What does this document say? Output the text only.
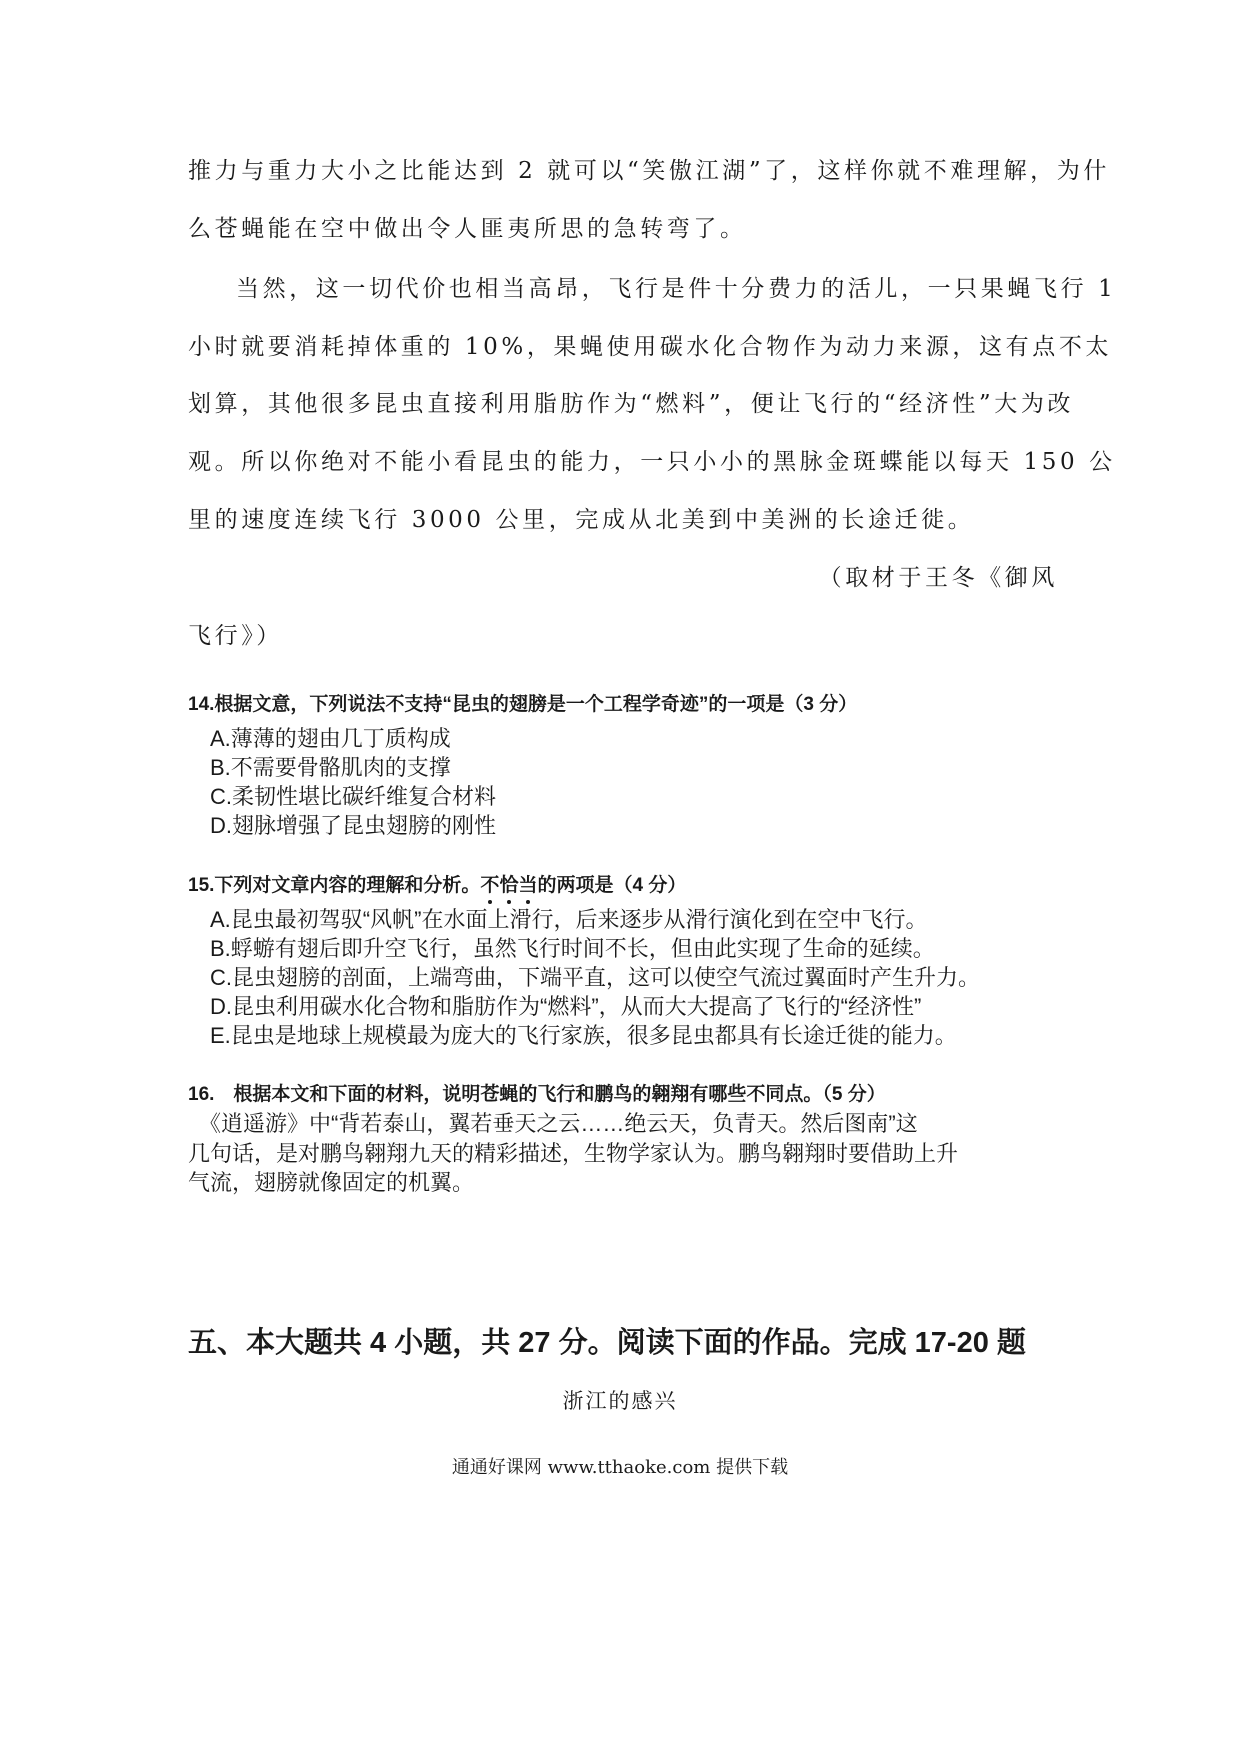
推力与重力大小之比能达到 2 就可以“笑傲江湖”了，这样你就不难理解，为什
么苍蝇能在空中做出令人匪夷所思的急转弯了。
当然，这一切代价也相当高昂，飞行是件十分费力的活儿，一只果蝇飞行 1
小时就要消耗掉体重的 10%，果蝇使用碳水化合物作为动力来源，这有点不太
划算，其他很多昆虫直接利用脂肪作为“燃料”，便让飞行的“经济性”大为改
观。所以你绝对不能小看昆虫的能力，一只小小的黑脉金斑蝶能以每天 150 公
里的速度连续飞行 3000 公里，完成从北美到中美洲的长途迁徙。
（取材于王冬《御风
飞行》）
14.根据文意，下列说法不支持“昆虫的翅膀是一个工程学奇迹”的一项是（3 分）
A.薄薄的翅由几丁质构成
B.不需要骨骼肌肉的支撑
C.柔韧性堪比碳纤维复合材料
D.翅脉增强了昆虫翅膀的刚性
15.下列对文章内容的理解和分析。不恰当的两项是（4 分）
A.昆虫最初驾驭“风帆”在水面上滑行，后来逐步从滑行演化到在空中飞行。
B.蜉蝣有翅后即升空飞行，虽然飞行时间不长，但由此实现了生命的延续。
C.昆虫翅膀的剖面，上端弯曲，下端平直，这可以使空气流过翼面时产生升力。
D.昆虫利用碳水化合物和脂肪作为“燃料”，从而大大提高了飞行的“经济性”
E.昆虫是地球上规模最为庞大的飞行家族，很多昆虫都具有长途迁徙的能力。
16.　根据本文和下面的材料，说明苍蝇的飞行和鹏鸟的翱翔有哪些不同点。（5 分）
　《逍遥游》中“背若泰山，翼若垂天之云……绝云天，负青天。然后图南”这
几句话，是对鹏鸟翱翔九天的精彩描述，生物学家认为。鹏鸟翱翔时要借助上升
气流，翅膀就像固定的机翼。
五、本大题共 4 小题，共 27 分。阅读下面的作品。完成 17-20 题
浙江的感兴
通通好课网 www.tthaoke.com 提供下载
